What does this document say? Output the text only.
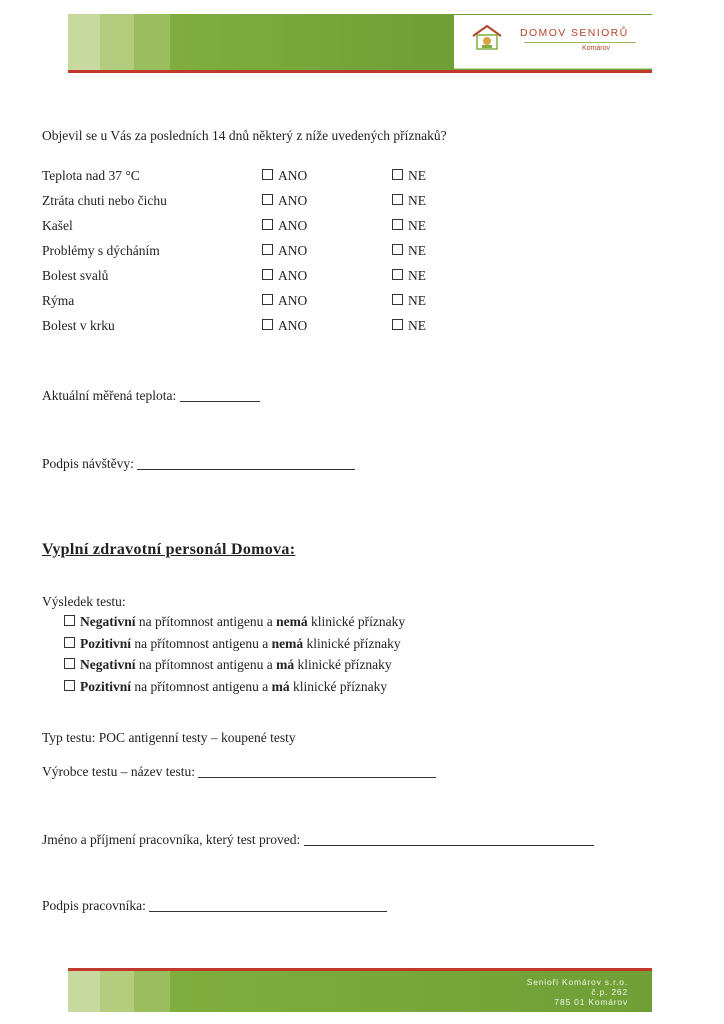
DOMOV SENIORŮ
Komárov
Objevil se u Vás za posledních 14 dnů některý z níže uvedených příznaků?
Teplota nad 37 °C	ANO	NE
Ztráta chuti nebo čichu	ANO	NE
Kašel	ANO	NE
Problémy s dýcháním	ANO	NE
Bolest svalů	ANO	NE
Rýma	ANO	NE
Bolest v krku	ANO	NE
Aktuální měřená teplota:
Podpis návštěvy:
Vyplní zdravotní personál Domova:
Výsledek testu:
Negativní na přítomnost antigenu a nemá klinické příznaky
Pozitivní na přítomnost antigenu a nemá klinické příznaky
Negativní na přítomnost antigenu a má klinické příznaky
Pozitivní na přítomnost antigenu a má klinické příznaky
Typ testu: POC antigenní testy – koupené testy
Výrobce testu – název testu:
Jméno a příjmení pracovníka, který test proved:
Podpis pracovníka:
Senioři Komárov s.r.o.
č.p. 262
785 01 Komárov
